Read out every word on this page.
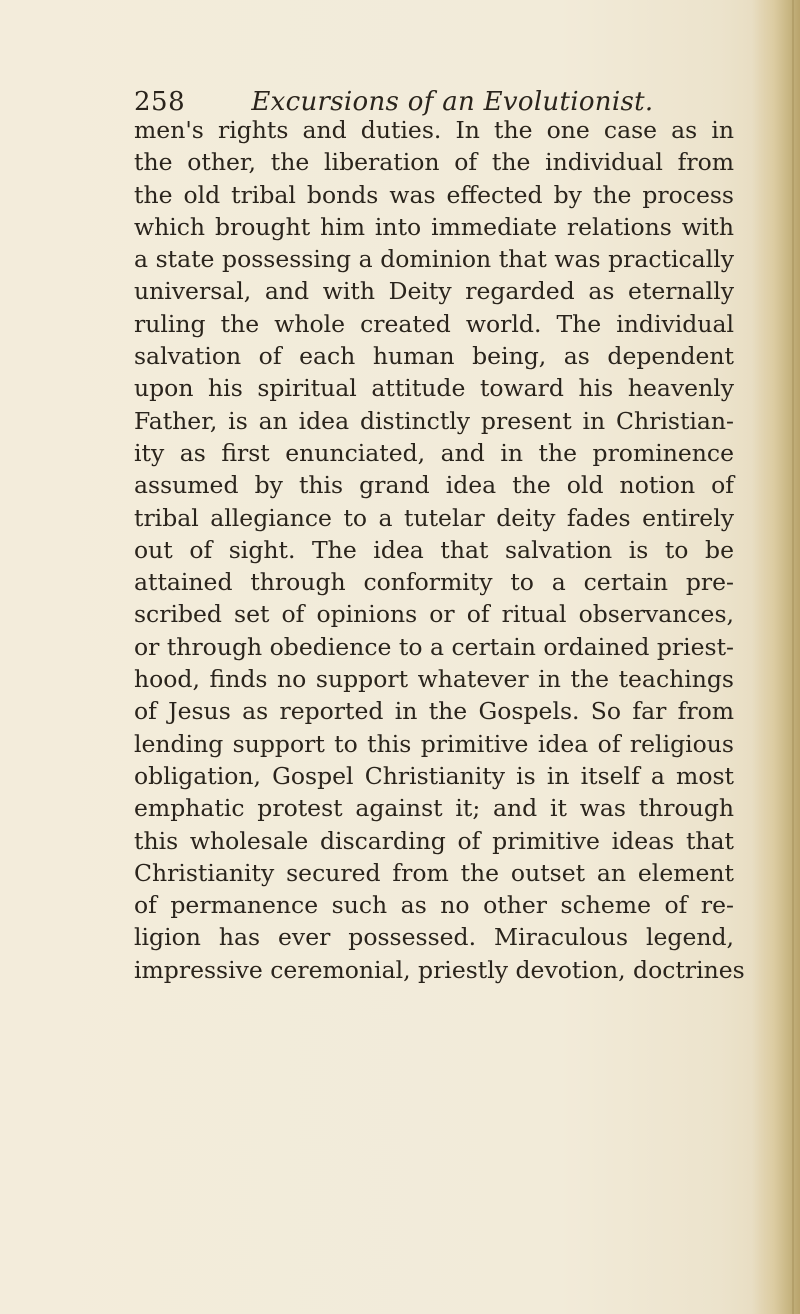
258	Excursions of an Evolutionist.
men's rights and duties. In the one case as in
the other, the liberation of the individual from
the old tribal bonds was effected by the process
which brought him into immediate relations with
a state possessing a dominion that was practically
universal, and with Deity regarded as eternally
ruling the whole created world. The individual
salvation of each human being, as dependent
upon his spiritual attitude toward his heavenly
Father, is an idea distinctly present in Christian-
ity as first enunciated, and in the prominence
assumed by this grand idea the old notion of
tribal allegiance to a tutelar deity fades entirely
out of sight. The idea that salvation is to be
attained through conformity to a certain pre-
scribed set of opinions or of ritual observances,
or through obedience to a certain ordained priest-
hood, finds no support whatever in the teachings
of Jesus as reported in the Gospels. So far from
lending support to this primitive idea of religious
obligation, Gospel Christianity is in itself a most
emphatic protest against it; and it was through
this wholesale discarding of primitive ideas that
Christianity secured from the outset an element
of permanence such as no other scheme of re-
ligion has ever possessed. Miraculous legend,
impressive ceremonial, priestly devotion, doctrines
